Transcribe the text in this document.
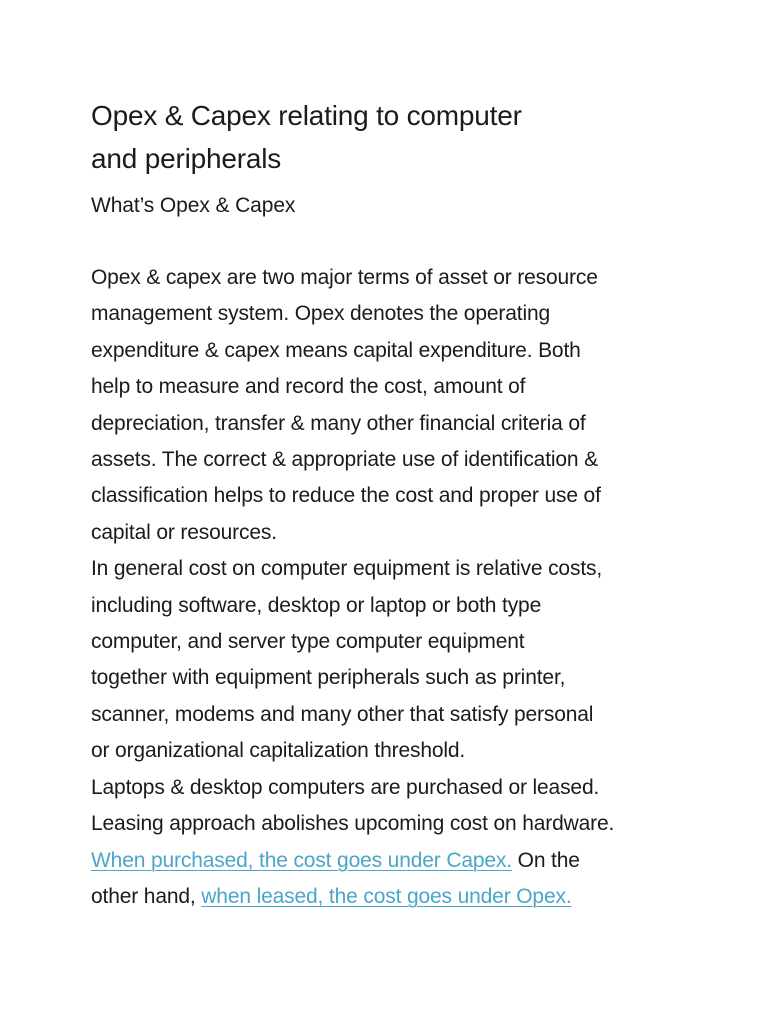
Opex & Capex relating to computer
and peripherals

What’s Opex & Capex

Opex & capex are two major terms of asset or resource
management system. Opex denotes the operating
expenditure & capex means capital expenditure. Both
help to measure and record the cost, amount of
depreciation, transfer & many other financial criteria of
assets. The correct & appropriate use of identification &
classification helps to reduce the cost and proper use of
capital or resources.

In general cost on computer equipment is relative costs,
including software, desktop or laptop or both type
computer, and server type computer equipment
together with equipment peripherals such as printer,
scanner, modems and many other that satisfy personal
or organizational capitalization threshold.

Laptops & desktop computers are purchased or leased.
Leasing approach abolishes upcoming cost on hardware.
When purchased, the cost goes under Capex. On the
other hand, when leased, the cost goes under Opex.
